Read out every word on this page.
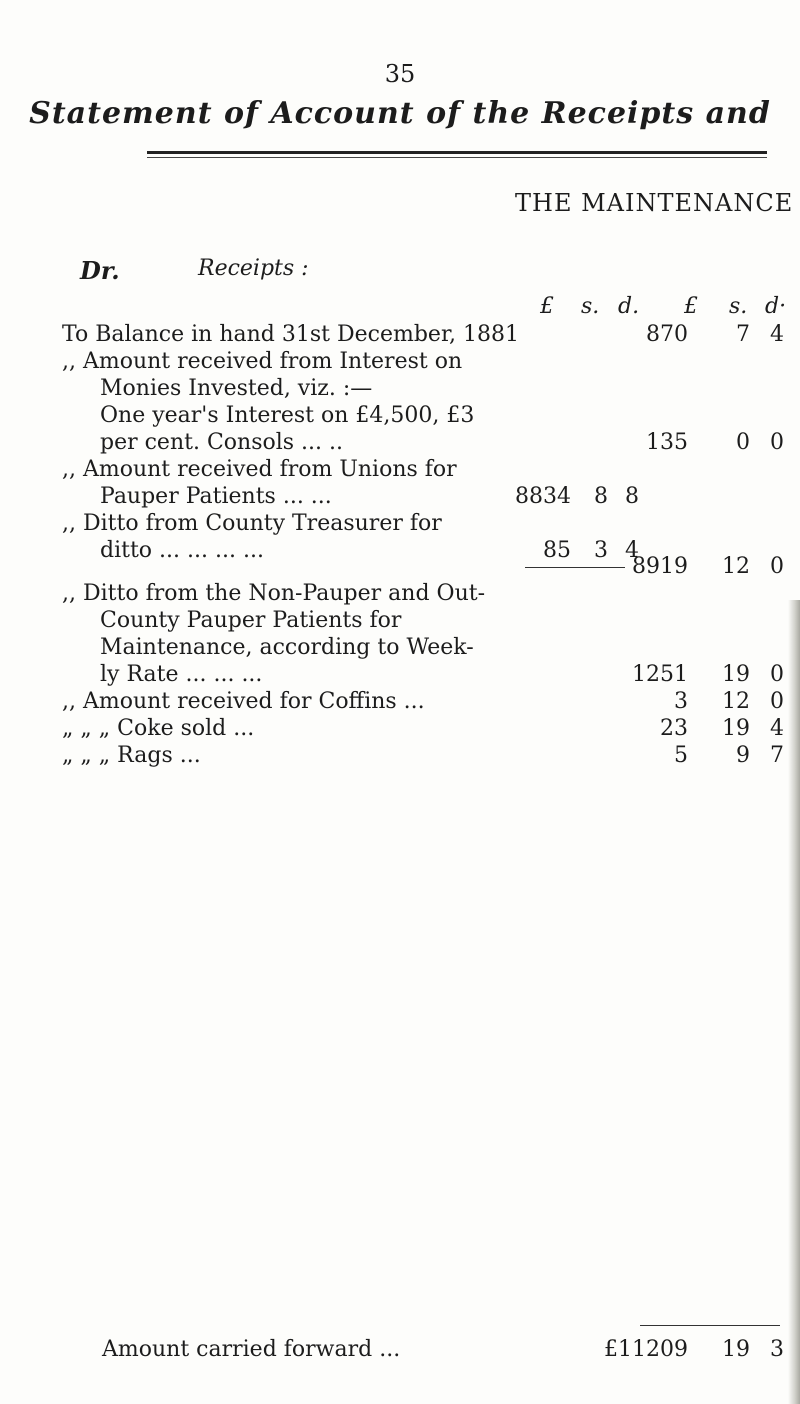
35
Statement of Account of the Receipts and
THE MAINTENANCE
Dr.	Receipts :
£ s. d. £ s. d·
To Balance in hand 31st December, 1881	870 7 4
,, Amount received from Interest on
Monies Invested, viz. :—
One year's Interest on £4,500, £3
per cent. Consols ... ..	135 0 0
,, Amount received from Unions for
Pauper Patients ... ...	8834 8 8
,, Ditto from County Treasurer for
ditto ... ... ... ...	85 3 4
8919 12 0
,, Ditto from the Non-Pauper and Out-
County Pauper Patients for
Maintenance, according to Week-
ly Rate ... ... ...	1251 19 0
,, Amount received for Coffins ...	3 12 0
„ „ „ Coke sold ...	23 19 4
„ „ „ Rags ...	5 9 7
Amount carried forward ...	£11209 19 3
